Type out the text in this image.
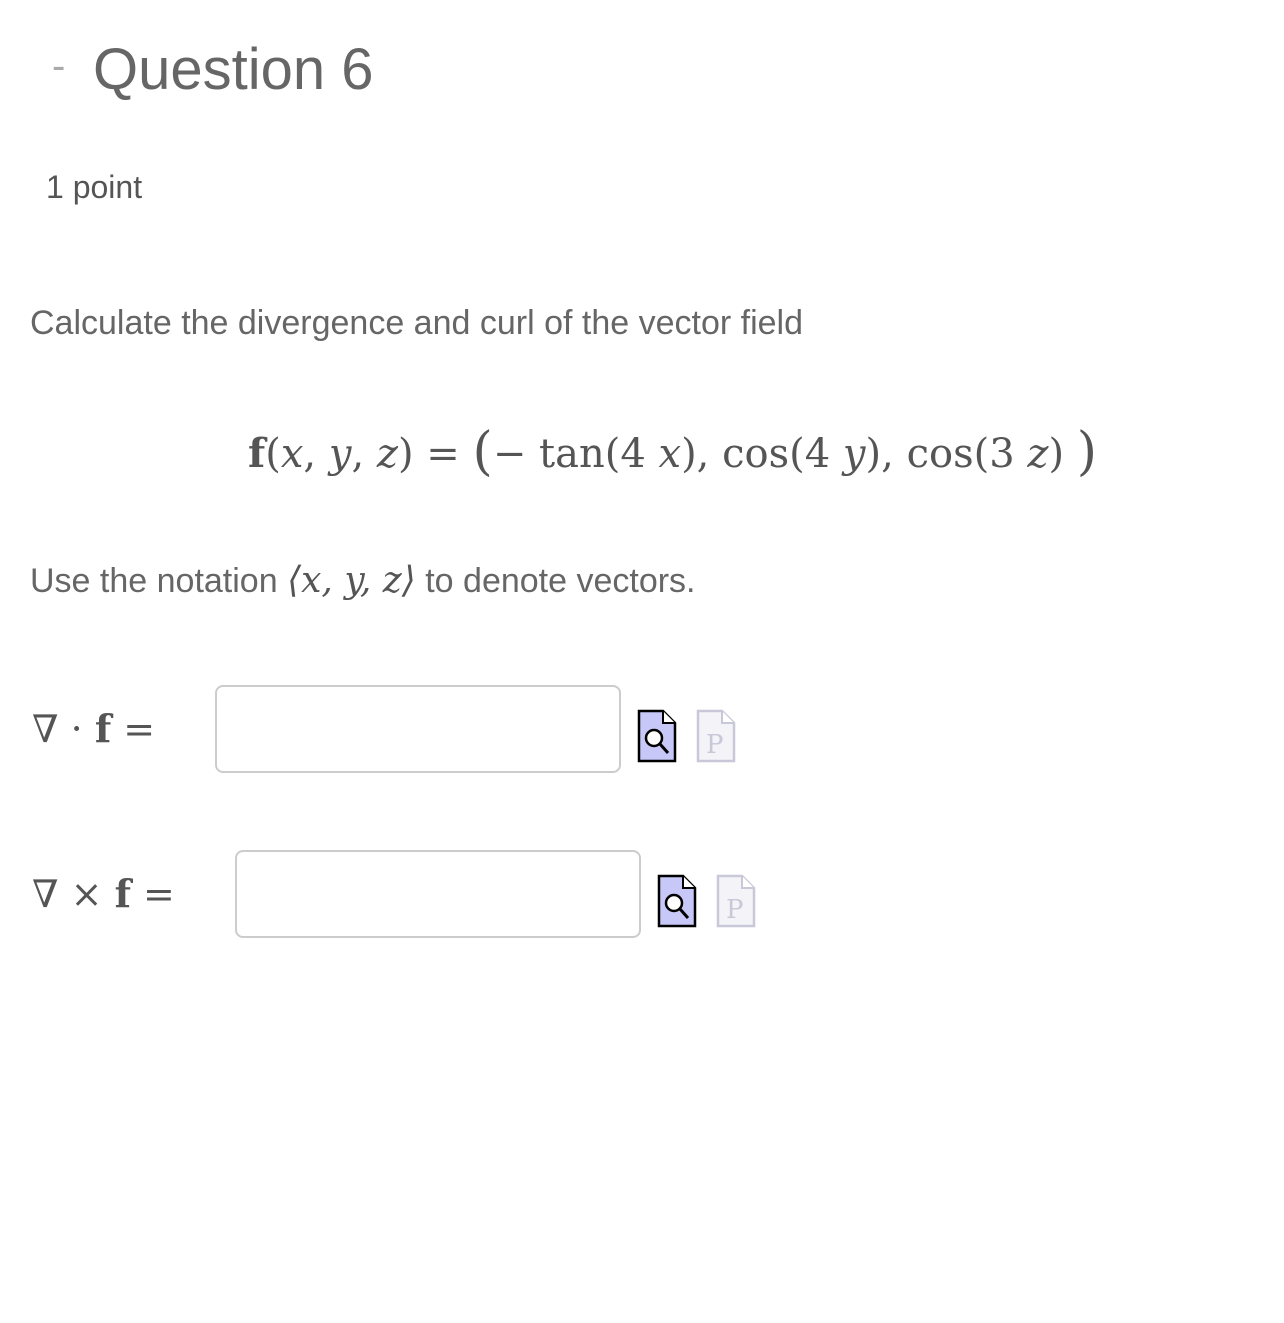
- Question 6
1 point
Calculate the divergence and curl of the vector field
f(x, y, z) = (− tan(4 x), cos(4 y), cos(3 z) )
Use the notation ⟨x, y, z⟩ to denote vectors.
∇ · f =	P
∇ × f =	P
